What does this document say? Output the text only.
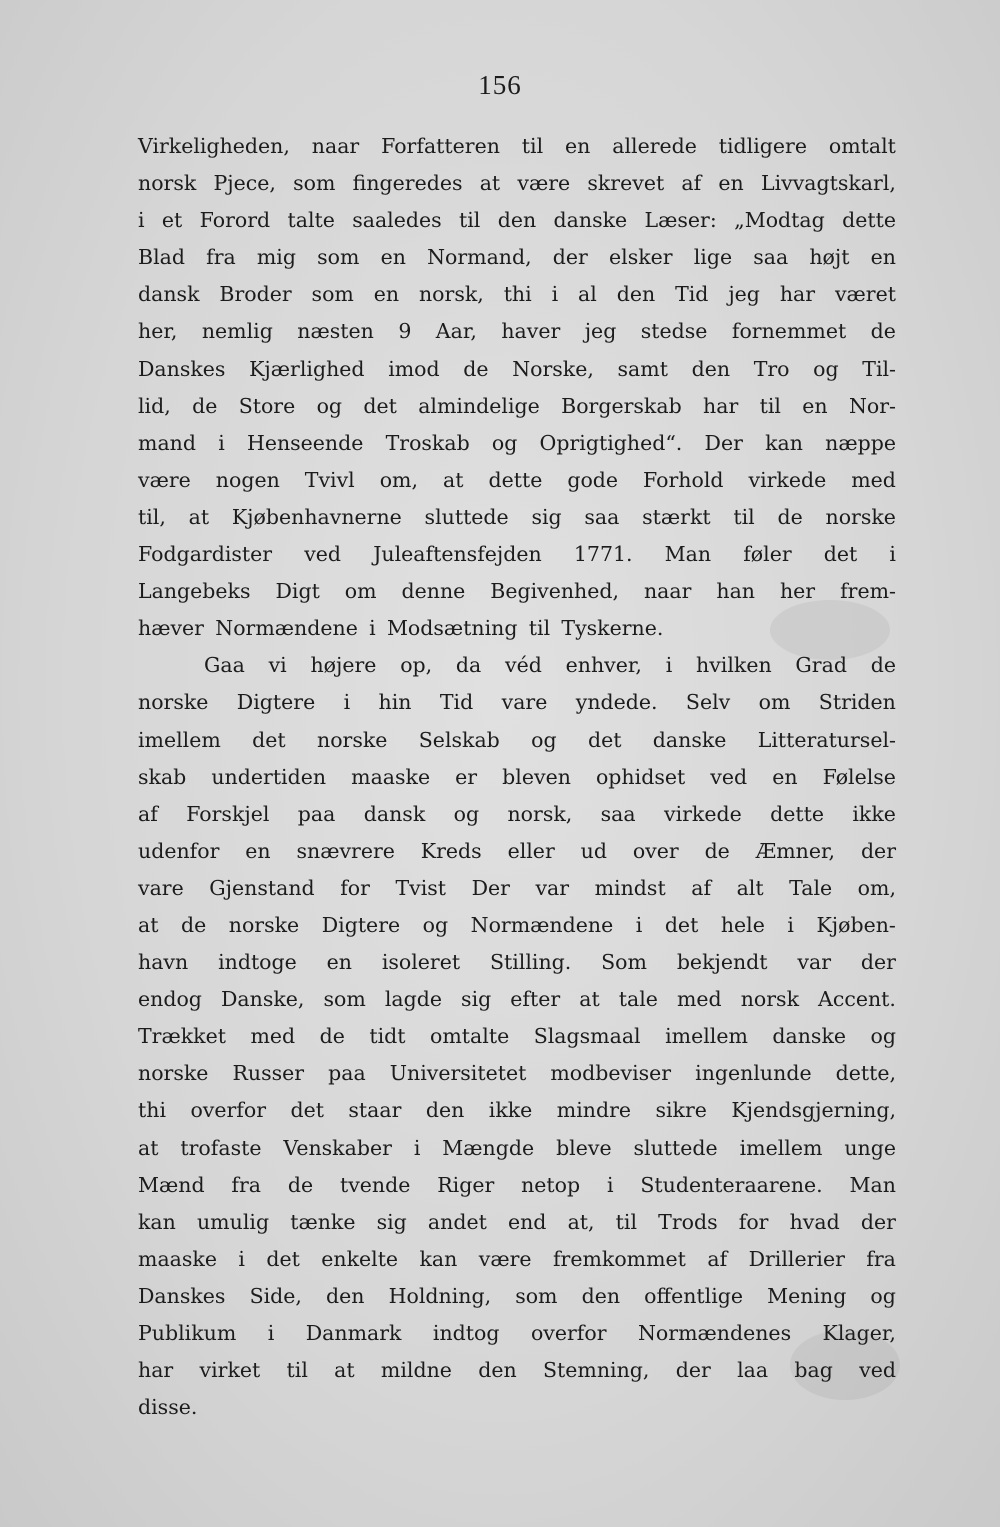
156
Virkeligheden, naar Forfatteren til en allerede tidligere omtalt
norsk Pjece, som fingeredes at være skrevet af en Livvagtskarl,
i et Forord talte saaledes til den danske Læser: „Modtag dette
Blad fra mig som en Normand, der elsker lige saa højt en
dansk Broder som en norsk, thi i al den Tid jeg har været
her, nemlig næsten 9 Aar, haver jeg stedse fornemmet de
Danskes Kjærlighed imod de Norske, samt den Tro og Til-
lid, de Store og det almindelige Borgerskab har til en Nor-
mand i Henseende Troskab og Oprigtighed“. Der kan næppe
være nogen Tvivl om, at dette gode Forhold virkede med
til, at Kjøbenhavnerne sluttede sig saa stærkt til de norske
Fodgardister ved Juleaftensfejden 1771. Man føler det i
Langebeks Digt om denne Begivenhed, naar han her frem-
hæver Normændene i Modsætning til Tyskerne.
Gaa vi højere op, da véd enhver, i hvilken Grad de
norske Digtere i hin Tid vare yndede. Selv om Striden
imellem det norske Selskab og det danske Litteratursel-
skab undertiden maaske er bleven ophidset ved en Følelse
af Forskjel paa dansk og norsk, saa virkede dette ikke
udenfor en snævrere Kreds eller ud over de Æmner, der
vare Gjenstand for Tvist Der var mindst af alt Tale om,
at de norske Digtere og Normændene i det hele i Kjøben-
havn indtoge en isoleret Stilling. Som bekjendt var der
endog Danske, som lagde sig efter at tale med norsk Accent.
Trækket med de tidt omtalte Slagsmaal imellem danske og
norske Russer paa Universitetet modbeviser ingenlunde dette,
thi overfor det staar den ikke mindre sikre Kjendsgjerning,
at trofaste Venskaber i Mængde bleve sluttede imellem unge
Mænd fra de tvende Riger netop i Studenteraarene. Man
kan umulig tænke sig andet end at, til Trods for hvad der
maaske i det enkelte kan være fremkommet af Drillerier fra
Danskes Side, den Holdning, som den offentlige Mening og
Publikum i Danmark indtog overfor Normændenes Klager,
har virket til at mildne den Stemning, der laa bag ved
disse.
